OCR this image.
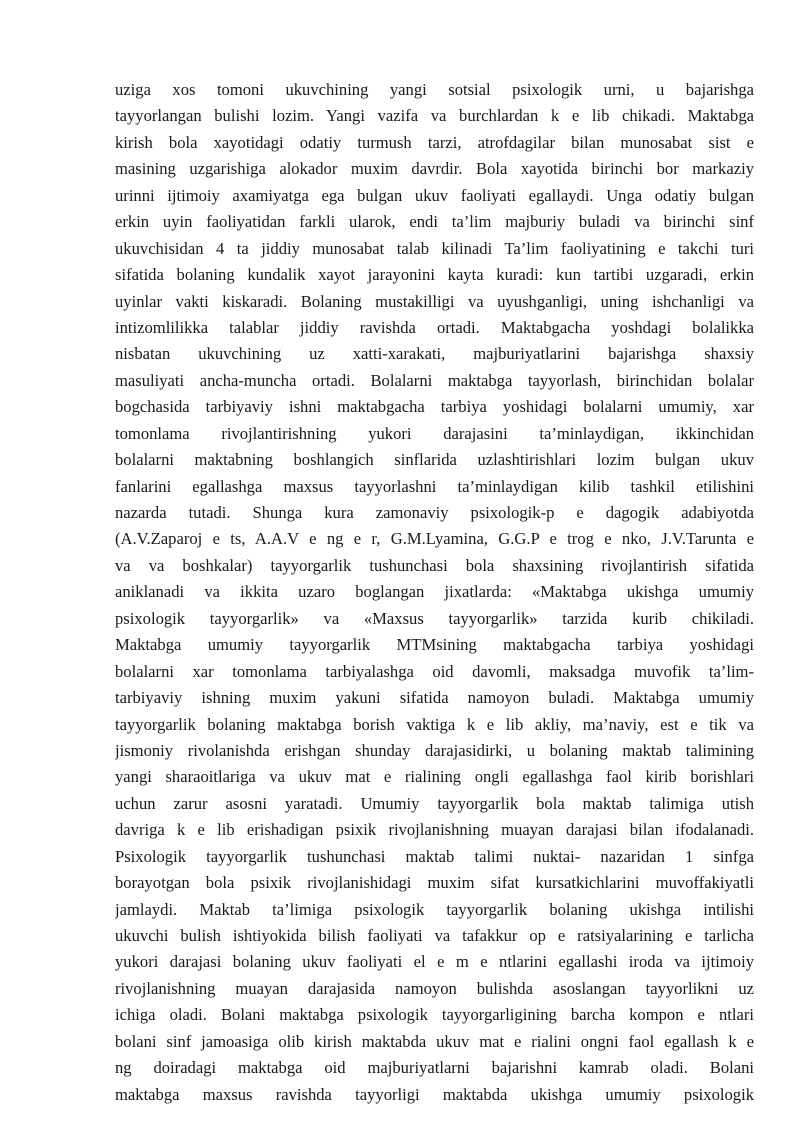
uziga xos tomoni ukuvchining yangi sotsial psixologik urni, u bajarishga
tayyorlangan bulishi lozim. Yangi vazifa va burchlardan k e lib chikadi. Maktabga
kirish bola xayotidagi odatiy turmush tarzi, atrofdagilar bilan munosabat sist e
masining uzgarishiga alokador muxim davrdir. Bola xayotida birinchi bor markaziy
urinni ijtimoiy axamiyatga ega bulgan ukuv faoliyati egallaydi. Unga odatiy bulgan
erkin uyin faoliyatidan farkli ularok, endi ta’lim majburiy buladi va birinchi sinf
ukuvchisidan 4 ta jiddiy munosabat talab kilinadi Ta’lim faoliyatining e takchi turi
sifatida bolaning kundalik xayot jarayonini kayta kuradi: kun tartibi uzgaradi, erkin
uyinlar vakti kiskaradi. Bolaning mustakilligi va uyushganligi, uning ishchanligi va
intizomlilikka talablar jiddiy ravishda ortadi. Maktabgacha yoshdagi bolalikka
nisbatan ukuvchining uz xatti-xarakati, majburiyatlarini bajarishga shaxsiy
masuliyati ancha-muncha ortadi. Bolalarni maktabga tayyorlash, birinchidan bolalar
bogchasida tarbiyaviy ishni maktabgacha tarbiya yoshidagi bolalarni umumiy, xar
tomonlama rivojlantirishning yukori darajasini ta’minlaydigan, ikkinchidan
bolalarni maktabning boshlangich sinflarida uzlashtirishlari lozim bulgan ukuv
fanlarini egallashga maxsus tayyorlashni ta’minlaydigan kilib tashkil etilishini
nazarda tutadi. Shunga kura zamonaviy psixologik-p e dagogik adabiyotda
(A.V.Zaparoj e ts, A.A.V e ng e r, G.M.Lyamina, G.G.P e trog e nko, J.V.Tarunta e
va va boshkalar) tayyorgarlik tushunchasi bola shaxsining rivojlantirish sifatida
aniklanadi va ikkita uzaro boglangan jixatlarda: «Maktabga ukishga umumiy
psixologik tayyorgarlik» va «Maxsus tayyorgarlik» tarzida kurib chikiladi.
Maktabga umumiy tayyorgarlik MTMsining maktabgacha tarbiya yoshidagi
bolalarni xar tomonlama tarbiyalashga oid davomli, maksadga muvofik ta’lim-
tarbiyaviy ishning muxim yakuni sifatida namoyon buladi. Maktabga umumiy
tayyorgarlik bolaning maktabga borish vaktiga k e lib akliy, ma’naviy, est e tik va
jismoniy rivolanishda erishgan shunday darajasidirki, u bolaning maktab talimining
yangi sharaoitlariga va ukuv mat e rialining ongli egallashga faol kirib borishlari
uchun zarur asosni yaratadi. Umumiy tayyorgarlik bola maktab talimiga utish
davriga k e lib erishadigan psixik rivojlanishning muayan darajasi bilan ifodalanadi.
Psixologik tayyorgarlik tushunchasi maktab talimi nuktai- nazaridan 1 sinfga
borayotgan bola psixik rivojlanishidagi muxim sifat kursatkichlarini muvoffakiyatli
jamlaydi. Maktab ta’limiga psixologik tayyorgarlik bolaning ukishga intilishi
ukuvchi bulish ishtiyokida bilish faoliyati va tafakkur op e ratsiyalarining e tarlicha
yukori darajasi bolaning ukuv faoliyati el e m e ntlarini egallashi iroda va ijtimoiy
rivojlanishning muayan darajasida namoyon bulishda asoslangan tayyorlikni uz
ichiga oladi. Bolani maktabga psixologik tayyorgarligining barcha kompon e ntlari
bolani sinf jamoasiga olib kirish maktabda ukuv mat e rialini ongni faol egallash k e
ng doiradagi maktabga oid majburiyatlarni bajarishni kamrab oladi. Bolani
maktabga maxsus ravishda tayyorligi maktabda ukishga umumiy psixologik
